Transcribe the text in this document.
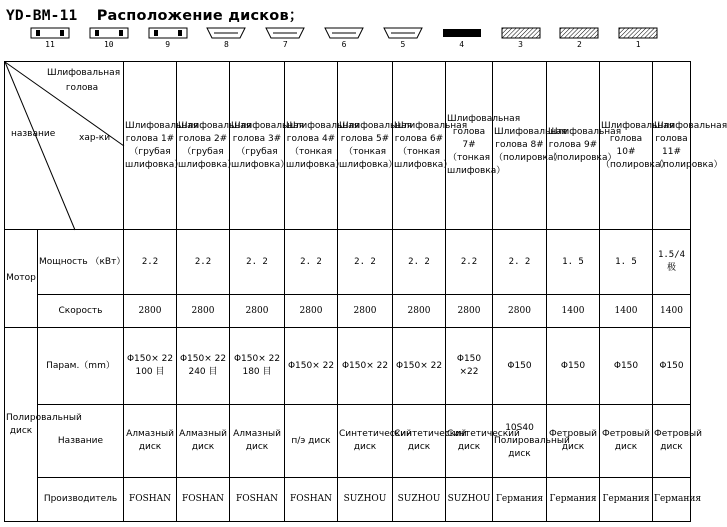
YD-BM-11 Расположение дисков；
11	10	9	8	7	6	5	4	3	2	1
Шлифовальная голова
хар-ки
название		Шлифовальная голова 1# （грубая шлифовка）	Шлифовальная голова 2# （грубая шлифовка）	Шлифовальная голова 3# （грубая шлифовка）	Шлифовальная голова 4# （тонкая шлифовка）	Шлифовальная голова 5# （тонкая шлифовка）	Шлифовальная голова 6# （тонкая шлифовка）	Шлифовальная голова 7# （тонкая шлифовка）	Шлифовальная голова 8# （полировка）	Шлифовальная голова 9# （полировка）	Шлифовальная голова 10# （полировка）	Шлифовальная голова 11# （полировка）
Мотор	Мощность （кВт）	2.2	2.2	2. 2	2. 2	2. 2	2. 2	2.2	2. 2	1. 5	1. 5	1.5/4 极
	Скорость	2800	2800	2800	2800	2800	2800	2800	2800	1400	1400	1400
Полировальный диск	Парам.（mm）	Φ150× 22 100 目	Φ150× 22 240 目	Φ150× 22 180 目	Φ150× 22	Φ150× 22	Φ150× 22	Φ150 ×22	Φ150	Φ150	Φ150	Φ150
	Название	Алмазный диск	Алмазный диск	Алмазный диск	п/э диск	Синтетический диск	Синтетический диск	Синтетический диск	10S40 Полировальный диск	Фетровый диск	Фетровый диск	Фетровый диск
	Производитель	FOSHAN	FOSHAN	FOSHAN	FOSHAN	SUZHOU	SUZHOU	SUZHOU	Германия	Германия	Германия	Германия
